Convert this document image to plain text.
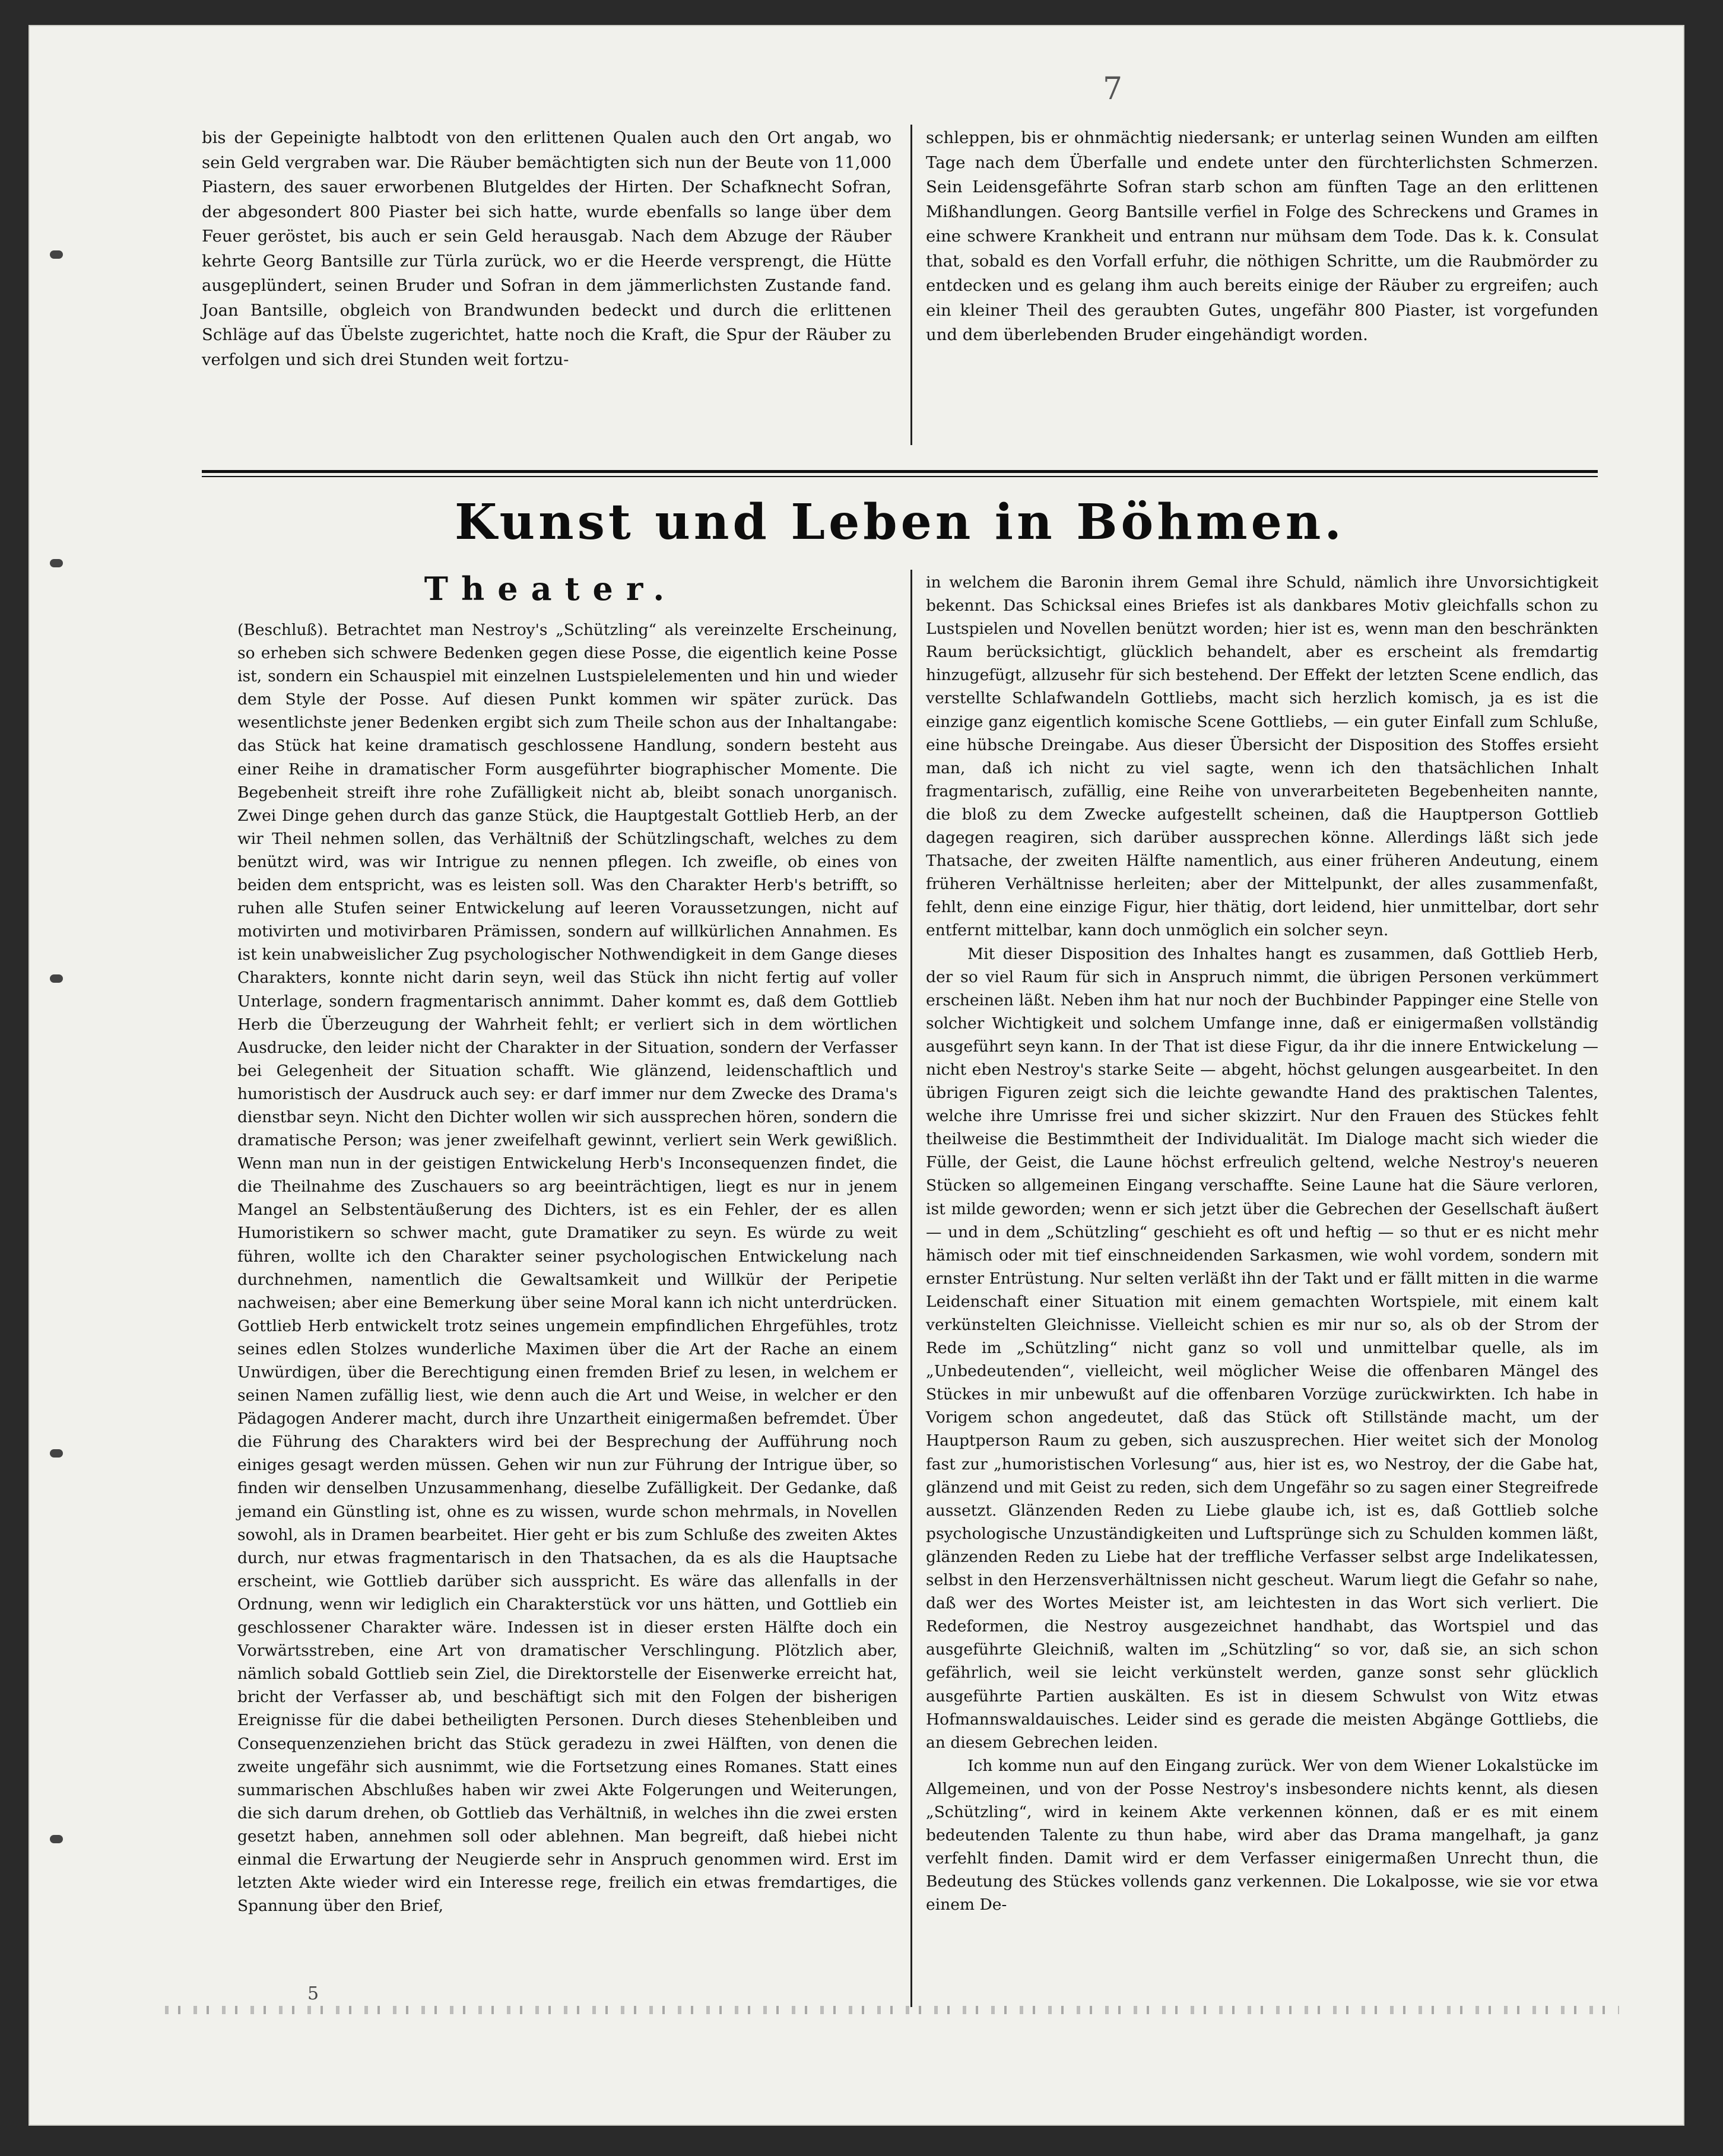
7

bis der Gepeinigte halbtodt von den erlittenen Qualen auch den Ort angab, wo sein Geld vergraben war. Die Räuber bemächtigten sich nun der Beute von 11,000 Piastern, des sauer erworbenen Blutgeldes der Hirten. Der Schafknecht Sofran, der abgesondert 800 Piaster bei sich hatte, wurde ebenfalls so lange über dem Feuer geröstet, bis auch er sein Geld herausgab. Nach dem Abzuge der Räuber kehrte Georg Bantsille zur Türla zurück, wo er die Heerde versprengt, die Hütte ausgeplündert, seinen Bruder und Sofran in dem jämmerlichsten Zustande fand. Joan Bantsille, obgleich von Brandwunden bedeckt und durch die erlittenen Schläge auf das Übelste zugerichtet, hatte noch die Kraft, die Spur der Räuber zu verfolgen und sich drei Stunden weit fortzu-

schleppen, bis er ohnmächtig niedersank; er unterlag seinen Wunden am eilften Tage nach dem Überfalle und endete unter den fürchterlichsten Schmerzen. Sein Leidensgefährte Sofran starb schon am fünften Tage an den erlittenen Mißhandlungen. Georg Bantsille verfiel in Folge des Schreckens und Grames in eine schwere Krankheit und entrann nur mühsam dem Tode. Das k. k. Consulat that, sobald es den Vorfall erfuhr, die nöthigen Schritte, um die Raubmörder zu entdecken und es gelang ihm auch bereits einige der Räuber zu ergreifen; auch ein kleiner Theil des geraubten Gutes, ungefähr 800 Piaster, ist vorgefunden und dem überlebenden Bruder eingehändigt worden.

Kunst und Leben in Böhmen.
Theater.

(Beschluß). Betrachtet man Nestroy's „Schützling“ als vereinzelte Erscheinung, so erheben sich schwere Bedenken gegen diese Posse, die eigentlich keine Posse ist, sondern ein Schauspiel mit einzelnen Lustspielelementen und hin und wieder dem Style der Posse. Auf diesen Punkt kommen wir später zurück. Das wesentlichste jener Bedenken ergibt sich zum Theile schon aus der Inhaltangabe: das Stück hat keine dramatisch geschlossene Handlung, sondern besteht aus einer Reihe in dramatischer Form ausgeführter biographischer Momente. Die Begebenheit streift ihre rohe Zufälligkeit nicht ab, bleibt sonach unorganisch. Zwei Dinge gehen durch das ganze Stück, die Hauptgestalt Gottlieb Herb, an der wir Theil nehmen sollen, das Verhältniß der Schützlingschaft, welches zu dem benützt wird, was wir Intrigue zu nennen pflegen. Ich zweifle, ob eines von beiden dem entspricht, was es leisten soll. Was den Charakter Herb's betrifft, so ruhen alle Stufen seiner Entwickelung auf leeren Voraussetzungen, nicht auf motivirten und motivirbaren Prämissen, sondern auf willkürlichen Annahmen. Es ist kein unabweislicher Zug psychologischer Nothwendigkeit in dem Gange dieses Charakters, konnte nicht darin seyn, weil das Stück ihn nicht fertig auf voller Unterlage, sondern fragmentarisch annimmt. Daher kommt es, daß dem Gottlieb Herb die Überzeugung der Wahrheit fehlt; er verliert sich in dem wörtlichen Ausdrucke, den leider nicht der Charakter in der Situation, sondern der Verfasser bei Gelegenheit der Situation schafft. Wie glänzend, leidenschaftlich und humoristisch der Ausdruck auch sey: er darf immer nur dem Zwecke des Drama's dienstbar seyn. Nicht den Dichter wollen wir sich aussprechen hören, sondern die dramatische Person; was jener zweifelhaft gewinnt, verliert sein Werk gewißlich. Wenn man nun in der geistigen Entwickelung Herb's Inconsequenzen findet, die die Theilnahme des Zuschauers so arg beeinträchtigen, liegt es nur in jenem Mangel an Selbstentäußerung des Dichters, ist es ein Fehler, der es allen Humoristikern so schwer macht, gute Dramatiker zu seyn. Es würde zu weit führen, wollte ich den Charakter seiner psychologischen Entwickelung nach durchnehmen, namentlich die Gewaltsamkeit und Willkür der Peripetie nachweisen; aber eine Bemerkung über seine Moral kann ich nicht unterdrücken. Gottlieb Herb entwickelt trotz seines ungemein empfindlichen Ehrgefühles, trotz seines edlen Stolzes wunderliche Maximen über die Art der Rache an einem Unwürdigen, über die Berechtigung einen fremden Brief zu lesen, in welchem er seinen Namen zufällig liest, wie denn auch die Art und Weise, in welcher er den Pädagogen Anderer macht, durch ihre Unzartheit einigermaßen befremdet. Über die Führung des Charakters wird bei der Besprechung der Aufführung noch einiges gesagt werden müssen. Gehen wir nun zur Führung der Intrigue über, so finden wir denselben Unzusammenhang, dieselbe Zufälligkeit. Der Gedanke, daß jemand ein Günstling ist, ohne es zu wissen, wurde schon mehrmals, in Novellen sowohl, als in Dramen bearbeitet. Hier geht er bis zum Schluße des zweiten Aktes durch, nur etwas fragmentarisch in den Thatsachen, da es als die Hauptsache erscheint, wie Gottlieb darüber sich ausspricht. Es wäre das allenfalls in der Ordnung, wenn wir lediglich ein Charakterstück vor uns hätten, und Gottlieb ein geschlossener Charakter wäre. Indessen ist in dieser ersten Hälfte doch ein Vorwärtsstreben, eine Art von dramatischer Verschlingung. Plötzlich aber, nämlich sobald Gottlieb sein Ziel, die Direktorstelle der Eisenwerke erreicht hat, bricht der Verfasser ab, und beschäftigt sich mit den Folgen der bisherigen Ereignisse für die dabei betheiligten Personen. Durch dieses Stehenbleiben und Consequenzenziehen bricht das Stück geradezu in zwei Hälften, von denen die zweite ungefähr sich ausnimmt, wie die Fortsetzung eines Romanes. Statt eines summarischen Abschlußes haben wir zwei Akte Folgerungen und Weiterungen, die sich darum drehen, ob Gottlieb das Verhältniß, in welches ihn die zwei ersten gesetzt haben, annehmen soll oder ablehnen. Man begreift, daß hiebei nicht einmal die Erwartung der Neugierde sehr in Anspruch genommen wird. Erst im letzten Akte wieder wird ein Interesse rege, freilich ein etwas fremdartiges, die Spannung über den Brief,

in welchem die Baronin ihrem Gemal ihre Schuld, nämlich ihre Unvorsichtigkeit bekennt. Das Schicksal eines Briefes ist als dankbares Motiv gleichfalls schon zu Lustspielen und Novellen benützt worden; hier ist es, wenn man den beschränkten Raum berücksichtigt, glücklich behandelt, aber es erscheint als fremdartig hinzugefügt, allzusehr für sich bestehend. Der Effekt der letzten Scene endlich, das verstellte Schlafwandeln Gottliebs, macht sich herzlich komisch, ja es ist die einzige ganz eigentlich komische Scene Gottliebs, — ein guter Einfall zum Schluße, eine hübsche Dreingabe. Aus dieser Übersicht der Disposition des Stoffes ersieht man, daß ich nicht zu viel sagte, wenn ich den thatsächlichen Inhalt fragmentarisch, zufällig, eine Reihe von unverarbeiteten Begebenheiten nannte, die bloß zu dem Zwecke aufgestellt scheinen, daß die Hauptperson Gottlieb dagegen reagiren, sich darüber aussprechen könne. Allerdings läßt sich jede Thatsache, der zweiten Hälfte namentlich, aus einer früheren Andeutung, einem früheren Verhältnisse herleiten; aber der Mittelpunkt, der alles zusammenfaßt, fehlt, denn eine einzige Figur, hier thätig, dort leidend, hier unmittelbar, dort sehr entfernt mittelbar, kann doch unmöglich ein solcher seyn.

Mit dieser Disposition des Inhaltes hangt es zusammen, daß Gottlieb Herb, der so viel Raum für sich in Anspruch nimmt, die übrigen Personen verkümmert erscheinen läßt. Neben ihm hat nur noch der Buchbinder Pappinger eine Stelle von solcher Wichtigkeit und solchem Umfange inne, daß er einigermaßen vollständig ausgeführt seyn kann. In der That ist diese Figur, da ihr die innere Entwickelung — nicht eben Nestroy's starke Seite — abgeht, höchst gelungen ausgearbeitet. In den übrigen Figuren zeigt sich die leichte gewandte Hand des praktischen Talentes, welche ihre Umrisse frei und sicher skizzirt. Nur den Frauen des Stückes fehlt theilweise die Bestimmtheit der Individualität. Im Dialoge macht sich wieder die Fülle, der Geist, die Laune höchst erfreulich geltend, welche Nestroy's neueren Stücken so allgemeinen Eingang verschaffte. Seine Laune hat die Säure verloren, ist milde geworden; wenn er sich jetzt über die Gebrechen der Gesellschaft äußert — und in dem „Schützling“ geschieht es oft und heftig — so thut er es nicht mehr hämisch oder mit tief einschneidenden Sarkasmen, wie wohl vordem, sondern mit ernster Entrüstung. Nur selten verläßt ihn der Takt und er fällt mitten in die warme Leidenschaft einer Situation mit einem gemachten Wortspiele, mit einem kalt verkünstelten Gleichnisse. Vielleicht schien es mir nur so, als ob der Strom der Rede im „Schützling“ nicht ganz so voll und unmittelbar quelle, als im „Unbedeutenden“, vielleicht, weil möglicher Weise die offenbaren Mängel des Stückes in mir unbewußt auf die offenbaren Vorzüge zurückwirkten. Ich habe in Vorigem schon angedeutet, daß das Stück oft Stillstände macht, um der Hauptperson Raum zu geben, sich auszusprechen. Hier weitet sich der Monolog fast zur „humoristischen Vorlesung“ aus, hier ist es, wo Nestroy, der die Gabe hat, glänzend und mit Geist zu reden, sich dem Ungefähr so zu sagen einer Stegreifrede aussetzt. Glänzenden Reden zu Liebe glaube ich, ist es, daß Gottlieb solche psychologische Unzuständigkeiten und Luftsprünge sich zu Schulden kommen läßt, glänzenden Reden zu Liebe hat der treffliche Verfasser selbst arge Indelikatessen, selbst in den Herzensverhältnissen nicht gescheut. Warum liegt die Gefahr so nahe, daß wer des Wortes Meister ist, am leichtesten in das Wort sich verliert. Die Redeformen, die Nestroy ausgezeichnet handhabt, das Wortspiel und das ausgeführte Gleichniß, walten im „Schützling“ so vor, daß sie, an sich schon gefährlich, weil sie leicht verkünstelt werden, ganze sonst sehr glücklich ausgeführte Partien auskälten. Es ist in diesem Schwulst von Witz etwas Hofmannswaldauisches. Leider sind es gerade die meisten Abgänge Gottliebs, die an diesem Gebrechen leiden.

Ich komme nun auf den Eingang zurück. Wer von dem Wiener Lokalstücke im Allgemeinen, und von der Posse Nestroy's insbesondere nichts kennt, als diesen „Schützling“, wird in keinem Akte verkennen können, daß er es mit einem bedeutenden Talente zu thun habe, wird aber das Drama mangelhaft, ja ganz verfehlt finden. Damit wird er dem Verfasser einigermaßen Unrecht thun, die Bedeutung des Stückes vollends ganz verkennen. Die Lokalposse, wie sie vor etwa einem De-

5
